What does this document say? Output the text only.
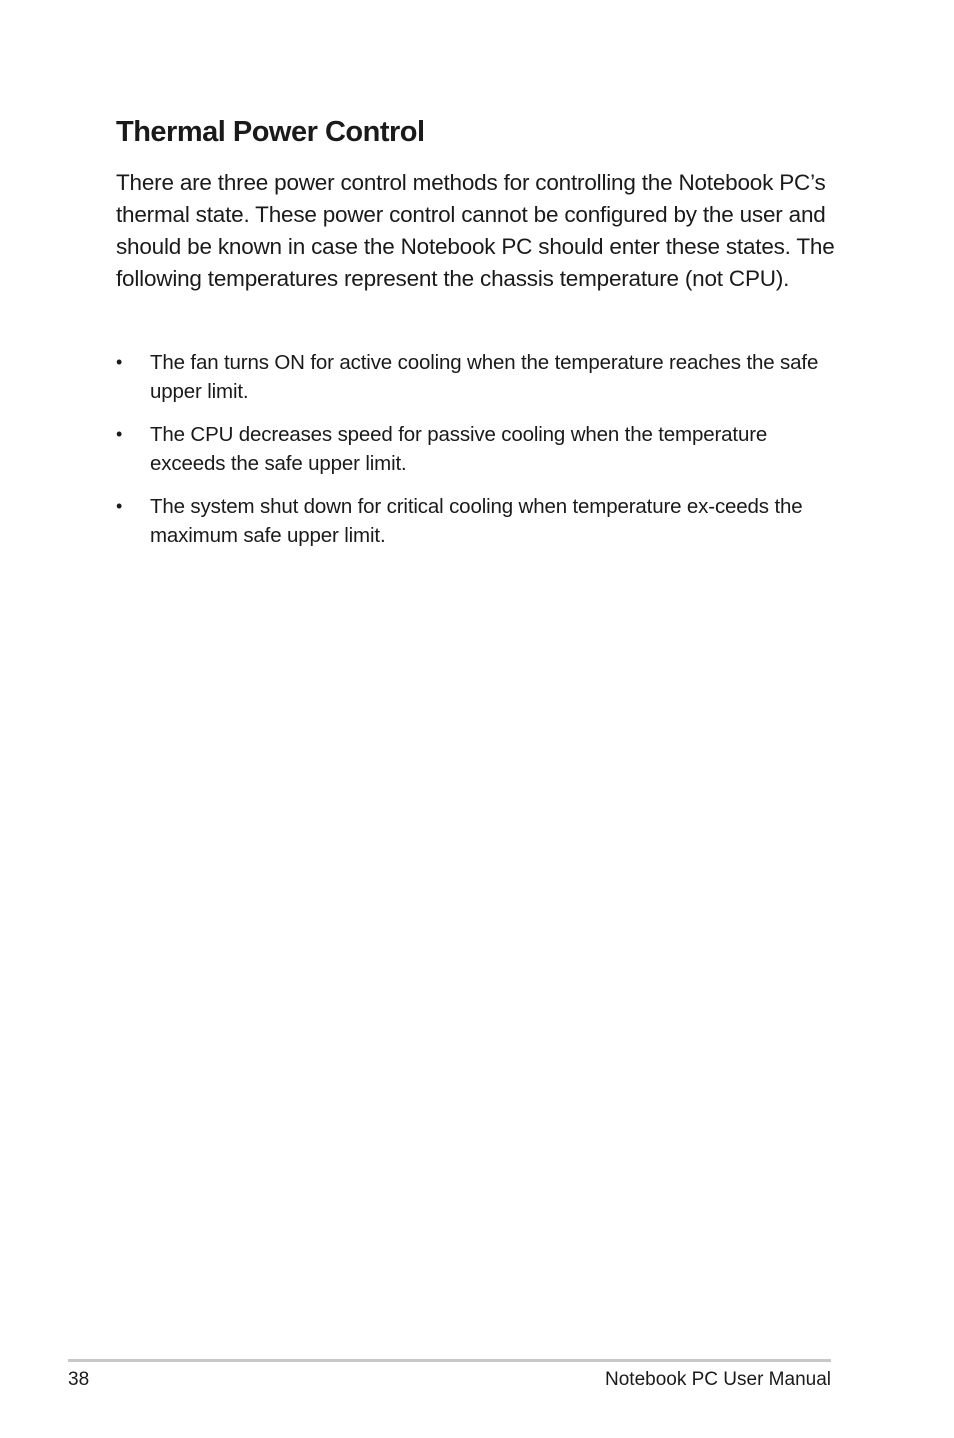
Thermal Power Control

There are three power control methods for controlling the Notebook PC’s thermal state. These power control cannot be configured by the user and should be known in case the Notebook PC should enter these states. The following temperatures represent the chassis temperature (not CPU).

• The fan turns ON for active cooling when the temperature reaches the safe upper limit.
• The CPU decreases speed for passive cooling when the temperature exceeds the safe upper limit.
• The system shut down for critical cooling when temperature ex-ceeds the maximum safe upper limit.
38	Notebook PC User Manual
